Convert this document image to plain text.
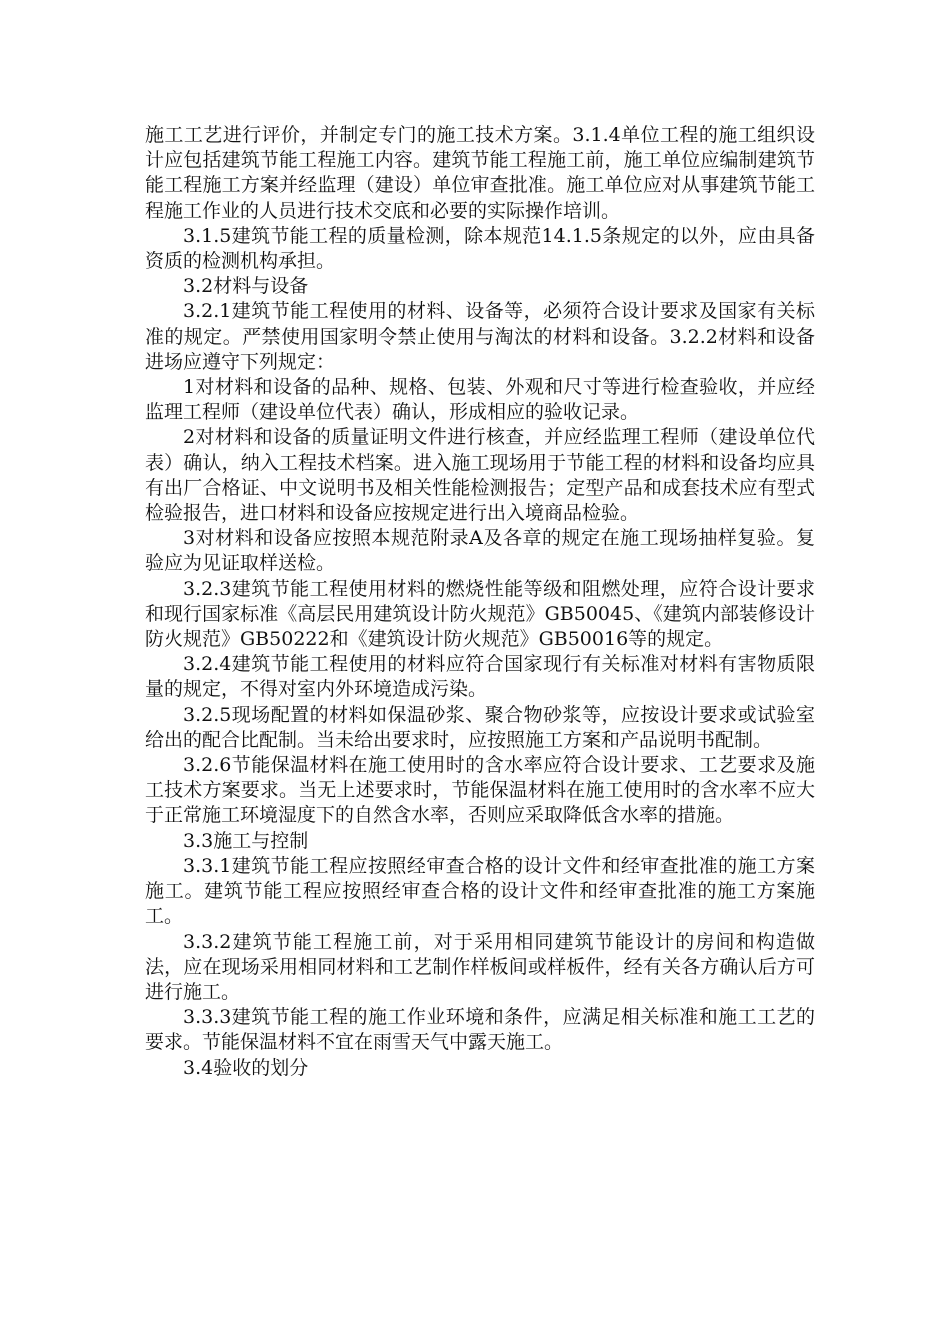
施工工艺进行评价，并制定专门的施工技术方案。3.1.4单位工程的施工组织设计应包括建筑节能工程施工内容。建筑节能工程施工前，施工单位应编制建筑节能工程施工方案并经监理（建设）单位审查批准。施工单位应对从事建筑节能工程施工作业的人员进行技术交底和必要的实际操作培训。

3.1.5建筑节能工程的质量检测，除本规范14.1.5条规定的以外，应由具备资质的检测机构承担。

3.2材料与设备

3.2.1建筑节能工程使用的材料、设备等，必须符合设计要求及国家有关标准的规定。严禁使用国家明令禁止使用与淘汰的材料和设备。3.2.2材料和设备进场应遵守下列规定：

1对材料和设备的品种、规格、包装、外观和尺寸等进行检查验收，并应经监理工程师（建设单位代表）确认，形成相应的验收记录。

2对材料和设备的质量证明文件进行核查，并应经监理工程师（建设单位代表）确认，纳入工程技术档案。进入施工现场用于节能工程的材料和设备均应具有出厂合格证、中文说明书及相关性能检测报告；定型产品和成套技术应有型式检验报告，进口材料和设备应按规定进行出入境商品检验。

3对材料和设备应按照本规范附录A及各章的规定在施工现场抽样复验。复验应为见证取样送检。

3.2.3建筑节能工程使用材料的燃烧性能等级和阻燃处理，应符合设计要求和现行国家标准《高层民用建筑设计防火规范》GB50045、《建筑内部装修设计防火规范》GB50222和《建筑设计防火规范》GB50016等的规定。

3.2.4建筑节能工程使用的材料应符合国家现行有关标准对材料有害物质限量的规定，不得对室内外环境造成污染。

3.2.5现场配置的材料如保温砂浆、聚合物砂浆等，应按设计要求或试验室给出的配合比配制。当未给出要求时，应按照施工方案和产品说明书配制。

3.2.6节能保温材料在施工使用时的含水率应符合设计要求、工艺要求及施工技术方案要求。当无上述要求时，节能保温材料在施工使用时的含水率不应大于正常施工环境湿度下的自然含水率，否则应采取降低含水率的措施。

3.3施工与控制

3.3.1建筑节能工程应按照经审查合格的设计文件和经审查批准的施工方案施工。建筑节能工程应按照经审查合格的设计文件和经审查批准的施工方案施工。

3.3.2建筑节能工程施工前，对于采用相同建筑节能设计的房间和构造做法，应在现场采用相同材料和工艺制作样板间或样板件，经有关各方确认后方可进行施工。

3.3.3建筑节能工程的施工作业环境和条件，应满足相关标准和施工工艺的要求。节能保温材料不宜在雨雪天气中露天施工。

3.4验收的划分
